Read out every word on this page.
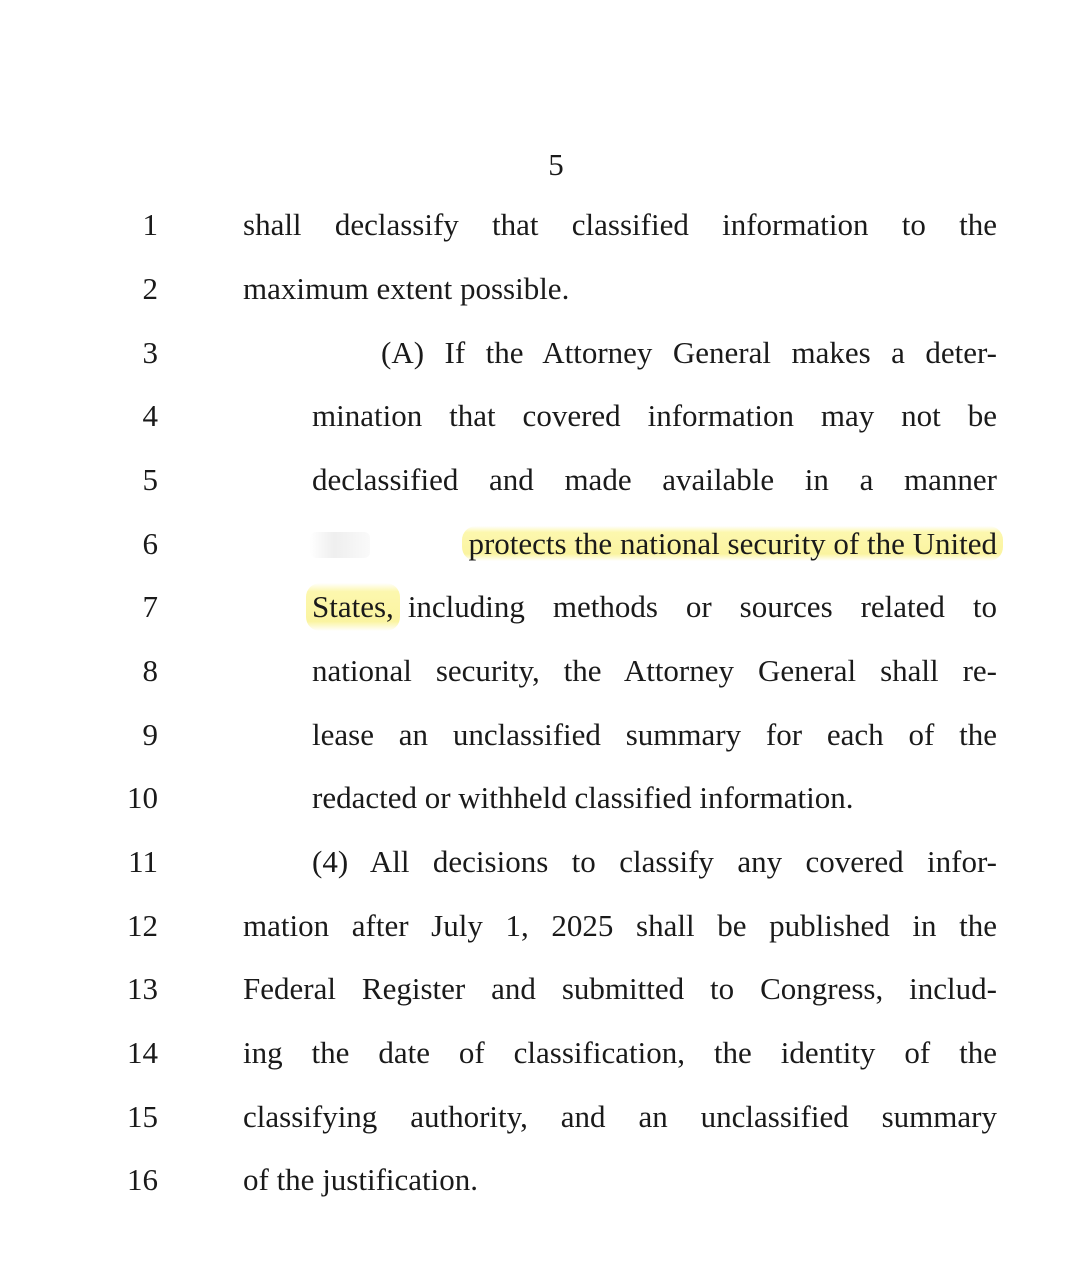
5
1	shall declassify that classified information to the
2	maximum extent possible.
3	(A) If the Attorney General makes a deter-
4	mination that covered information may not be
5	declassified and made available in a manner
6	protects the national security of the United
7	States, including methods or sources related to
8	national security, the Attorney General shall re-
9	lease an unclassified summary for each of the
10	redacted or withheld classified information.
11	(4) All decisions to classify any covered infor-
12	mation after July 1, 2025 shall be published in the
13	Federal Register and submitted to Congress, includ-
14	ing the date of classification, the identity of the
15	classifying authority, and an unclassified summary
16	of the justification.
